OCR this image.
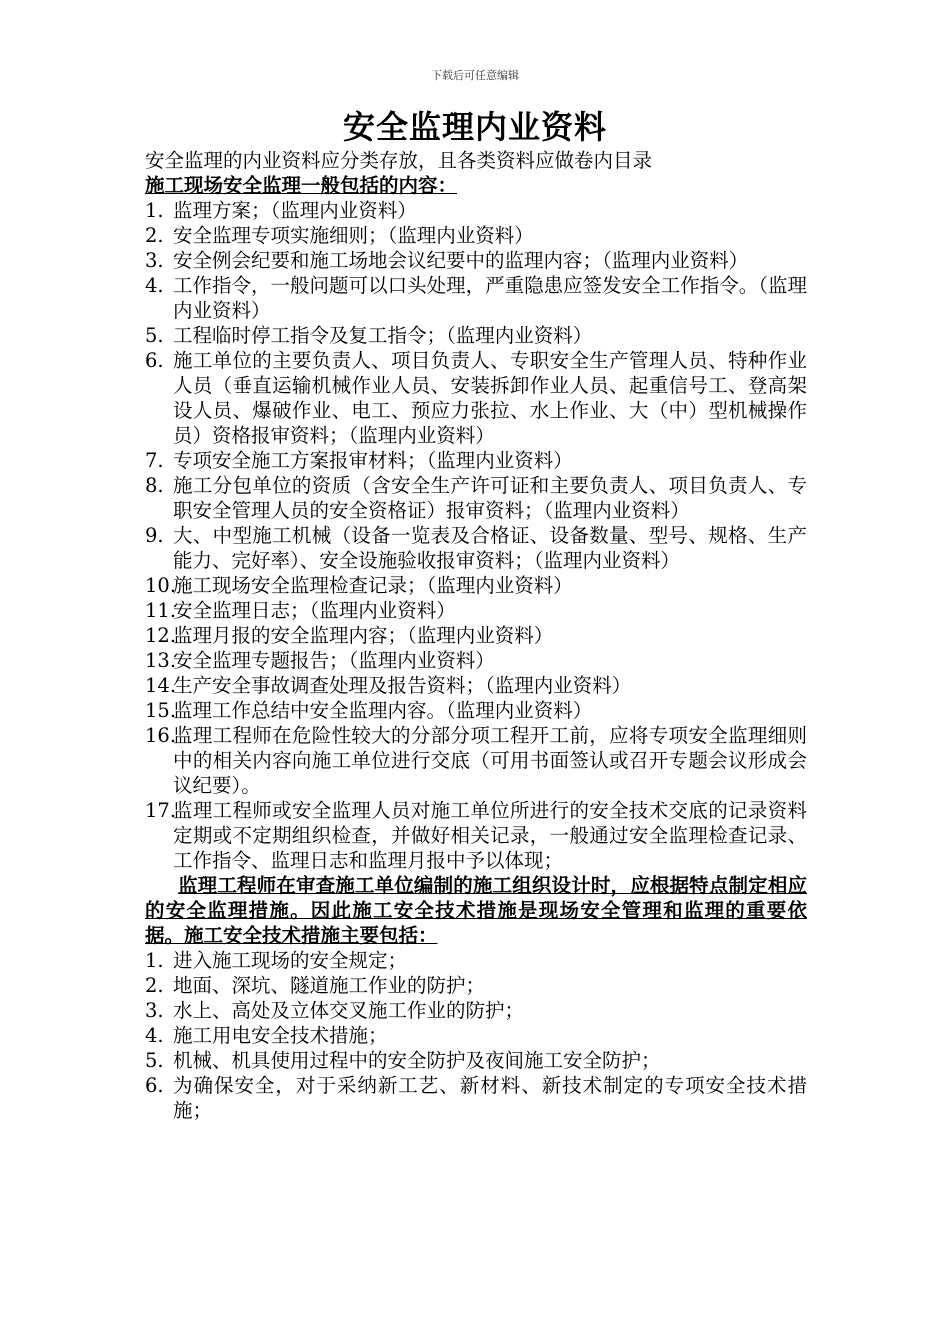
下载后可任意编辑
安全监理内业资料

安全监理的内业资料应分类存放，且各类资料应做卷内目录

施工现场安全监理一般包括的内容：

1. 监理方案；（监理内业资料）
2. 安全监理专项实施细则；（监理内业资料）
3. 安全例会纪要和施工场地会议纪要中的监理内容；（监理内业资料）
4. 工作指令，一般问题可以口头处理，严重隐患应签发安全工作指令。（监理内业资料）
5. 工程临时停工指令及复工指令；（监理内业资料）
6. 施工单位的主要负责人、项目负责人、专职安全生产管理人员、特种作业人员（垂直运输机械作业人员、安装拆卸作业人员、起重信号工、登高架设人员、爆破作业、电工、预应力张拉、水上作业、大（中）型机械操作员）资格报审资料；（监理内业资料）
7. 专项安全施工方案报审材料；（监理内业资料）
8. 施工分包单位的资质（含安全生产许可证和主要负责人、项目负责人、专职安全管理人员的安全资格证）报审资料；（监理内业资料）
9. 大、中型施工机械（设备一览表及合格证、设备数量、型号、规格、生产能力、完好率）、安全设施验收报审资料；（监理内业资料）
10.
施工现场安全监理检查记录；（监理内业资料）
11.
安全监理日志；（监理内业资料）
12.
监理月报的安全监理内容；（监理内业资料）
13.
安全监理专题报告；（监理内业资料）
14.
生产安全事故调查处理及报告资料；（监理内业资料）
15.
监理工作总结中安全监理内容。（监理内业资料）
16.
监理工程师在危险性较大的分部分项工程开工前，应将专项安全监理细则中的相关内容向施工单位进行交底（可用书面签认或召开专题会议形成会议纪要）。
17.
监理工程师或安全监理人员对施工单位所进行的安全技术交底的记录资料定期或不定期组织检查，并做好相关记录，一般通过安全监理检查记录、工作指令、监理日志和监理月报中予以体现；

监理工程师在审查施工单位编制的施工组织设计时，应根据特点制定相应的安全监理措施。因此施工安全技术措施是现场安全管理和监理的重要依据。施工安全技术措施主要包括：

1. 进入施工现场的安全规定；
2. 地面、深坑、隧道施工作业的防护；
3. 水上、高处及立体交叉施工作业的防护；
4. 施工用电安全技术措施；
5. 机械、机具使用过程中的安全防护及夜间施工安全防护；
6. 为确保安全，对于采纳新工艺、新材料、新技术制定的专项安全技术措施；
